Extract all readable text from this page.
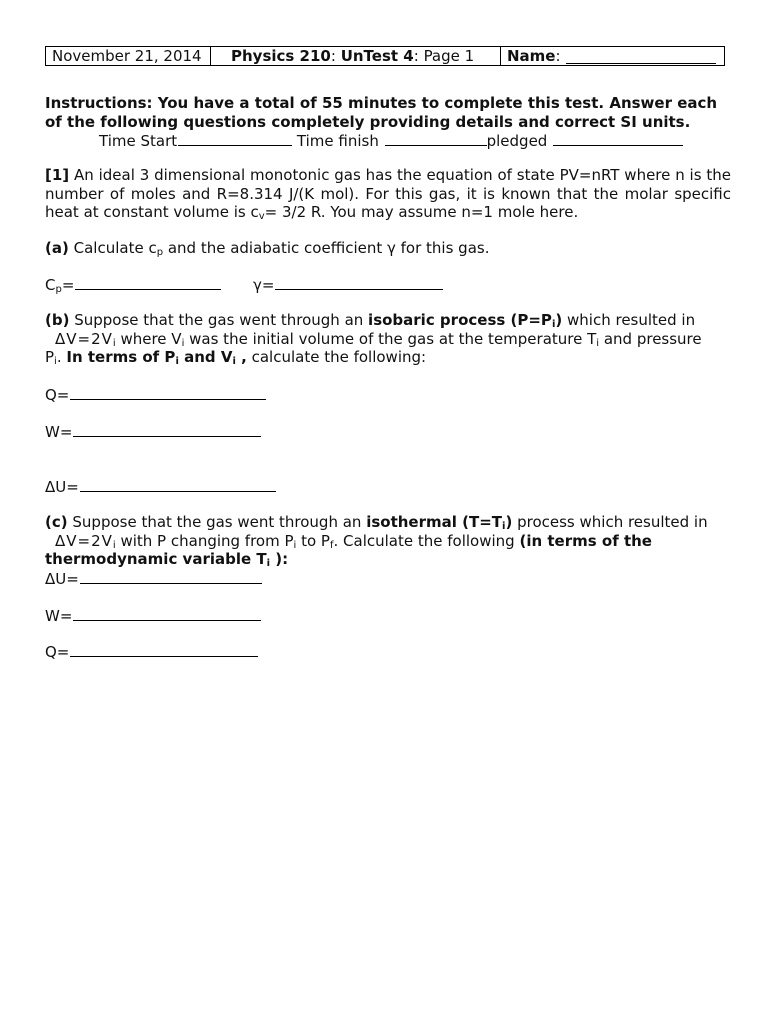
November 21, 2014 Physics 210 : UnTest 4 : Page 1 Name :
Instructions: You have a total of 55 minutes to complete this test. Answer each
of the following questions completely providing details and correct SI units.
Time Start	Time finish	pledged
[1] An ideal 3 dimensional monotonic gas has the equation of state PV=nRT where n is the number of moles and R=8.314 J/(K mol). For this gas, it is known that the molar specific heat at constant volume is $c_v= 3/2$ R. You may assume n=1 mole here.
(a) Calculate $c_p$ and the adiabatic coefficient γ for this gas.
$C_p=$	γ=
(b) Suppose that the gas went through an isobaric process $(P=P_i)$ which resulted in
$\Delta V=2V_i$ where $V_i$ was the initial volume of the gas at the temperature $T_i$ and pressure
$P_i$. In terms of $P_i$ and $V_i$ , calculate the following:
Q=
W=
ΔU=
(c) Suppose that the gas went through an isothermal $(T=T_i)$ process which resulted in
$\Delta V=2V_i$ with P changing from $P_i$ to $P_f$. Calculate the following (in terms of the
thermodynamic variable $T_i$ ):
ΔU=
W=
Q=
